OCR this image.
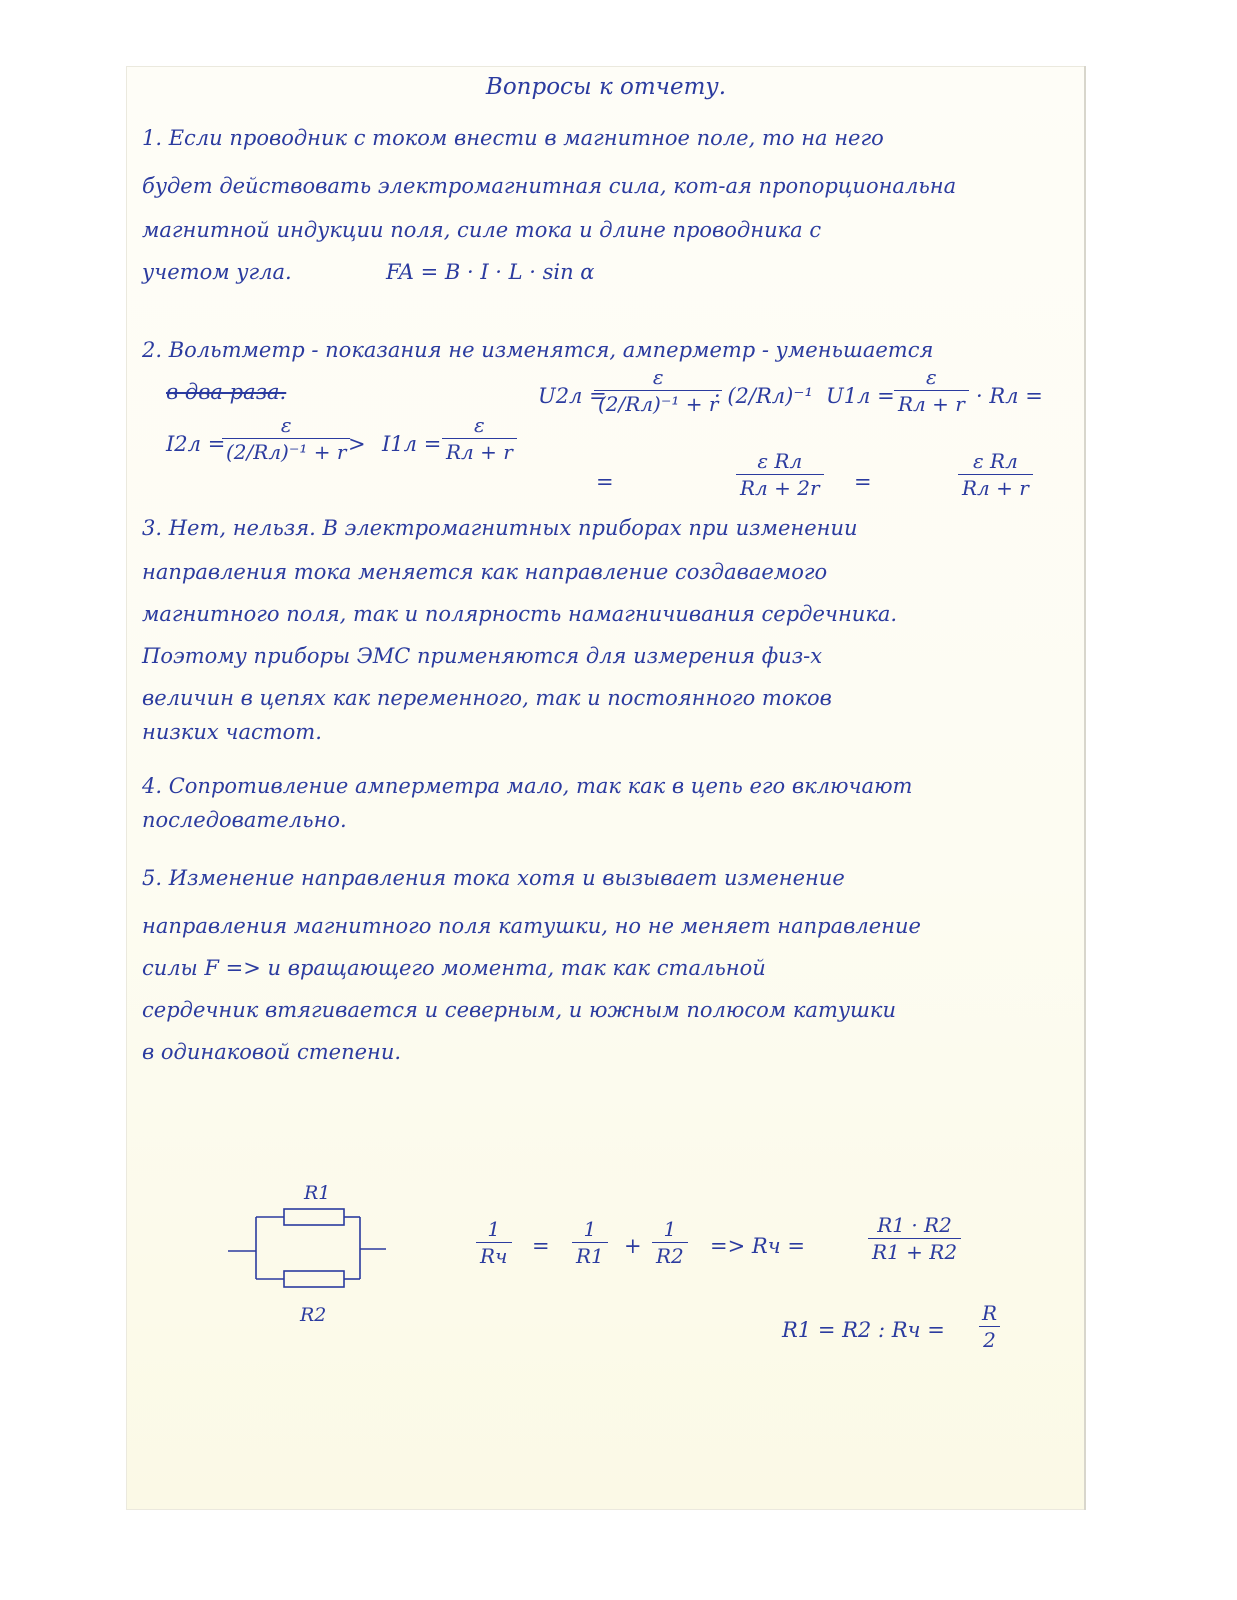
Вопросы к отчету.
1. Если проводник с током внести в магнитное поле, то на него
будет действовать электромагнитная сила, кот-ая пропорциональна
магнитной индукции поля, силе тока и длине проводника с
учетом угла.	FA = B · I · L · sin α
2. Вольтметр - показания не изменятся, амперметр - уменьшается
в два раза.	U2л =
ε
(2/Rл)⁻¹ + r
· (2/Rл)⁻¹ U1л =
ε
Rл + r · Rл =
I2л =
ε
(2/Rл)⁻¹ + r > I1л =
ε
Rл + r
=
ε Rл
Rл + 2r =
ε Rл
Rл + r
3. Нет, нельзя. В электромагнитных приборах при изменении
направления тока меняется как направление создаваемого
магнитного поля, так и полярность намагничивания сердечника.
Поэтому приборы ЭМС применяются для измерения физ-х
величин в цепях как переменного, так и постоянного токов
низких частот.
4. Сопротивление амперметра мало, так как в цепь его включают
последовательно.
5. Изменение направления тока хотя и вызывает изменение
направления магнитного поля катушки, но не меняет направление
силы F => и вращающего момента, так как стальной
сердечник втягивается и северным, и южным полюсом катушки
в одинаковой степени.
R1
R2
1
Rч = $\frac{1}{R1} + \frac{1}{R2}$ => Rч =	$\frac{R1 \cdot R2}{R1 + R2}$
R1 = R2 : Rч = $\frac{R}{2}$
